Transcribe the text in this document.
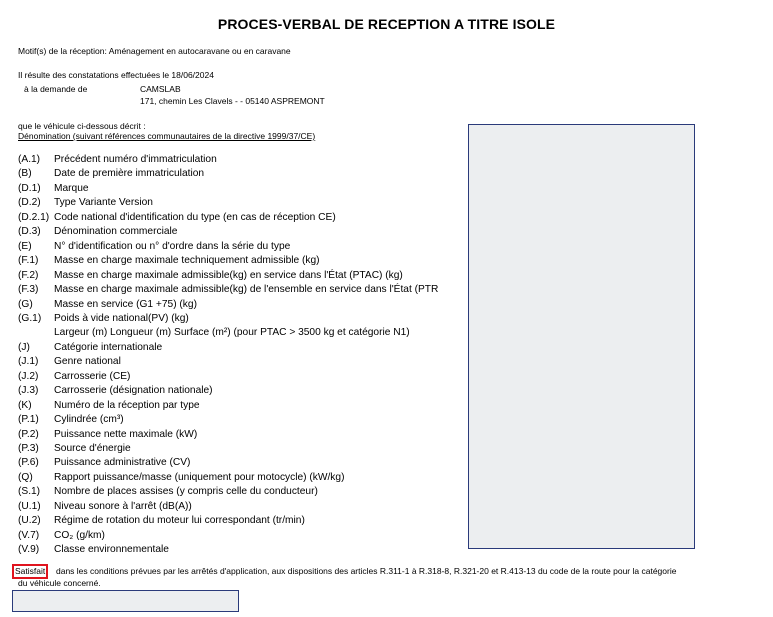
PROCES-VERBAL DE RECEPTION A TITRE ISOLE
Motif(s) de la réception: Aménagement en autocaravane ou en caravane
Il résulte des constatations effectuées le 18/06/2024
à la demande de	CAMSLAB
171, chemin Les Clavels - - 05140 ASPREMONT
que le véhicule ci-dessous décrit :
Dénomination (suivant références communautaires de la directive 1999/37/CE)
(A.1) Précédent numéro d'immatriculation
(B) Date de première immatriculation
(D.1) Marque
(D.2) Type Variante Version
(D.2.1) Code national d'identification du type (en cas de réception CE)
(D.3) Dénomination commerciale
(E) N° d'identification ou n° d'ordre dans la série du type
(F.1) Masse en charge maximale techniquement admissible (kg)
(F.2) Masse en charge maximale admissible(kg) en service dans l'État (PTAC) (kg)
(F.3) Masse en charge maximale admissible(kg) de l'ensemble en service dans l'État (PTR
(G) Masse en service (G1 +75) (kg)
(G.1) Poids à vide national(PV) (kg)
Largeur (m) Longueur (m) Surface (m²) (pour PTAC > 3500 kg et catégorie N1)
(J) Catégorie internationale
(J.1) Genre national
(J.2) Carrosserie (CE)
(J.3) Carrosserie (désignation nationale)
(K) Numéro de la réception par type
(P.1) Cylindrée (cm³)
(P.2) Puissance nette maximale (kW)
(P.3) Source d'énergie
(P.6) Puissance administrative (CV)
(Q) Rapport puissance/masse (uniquement pour motocycle) (kW/kg)
(S.1) Nombre de places assises (y compris celle du conducteur)
(U.1) Niveau sonore à l'arrêt (dB(A))
(U.2) Régime de rotation du moteur lui correspondant (tr/min)
(V.7) CO₂ (g/km)
(V.9) Classe environnementale
Satisfait	dans les conditions prévues par les arrêtés d'application, aux dispositions des articles R.311-1 à R.318-8, R.321-20 et R.413-13 du code de la route pour la catégorie
du véhicule concerné.
